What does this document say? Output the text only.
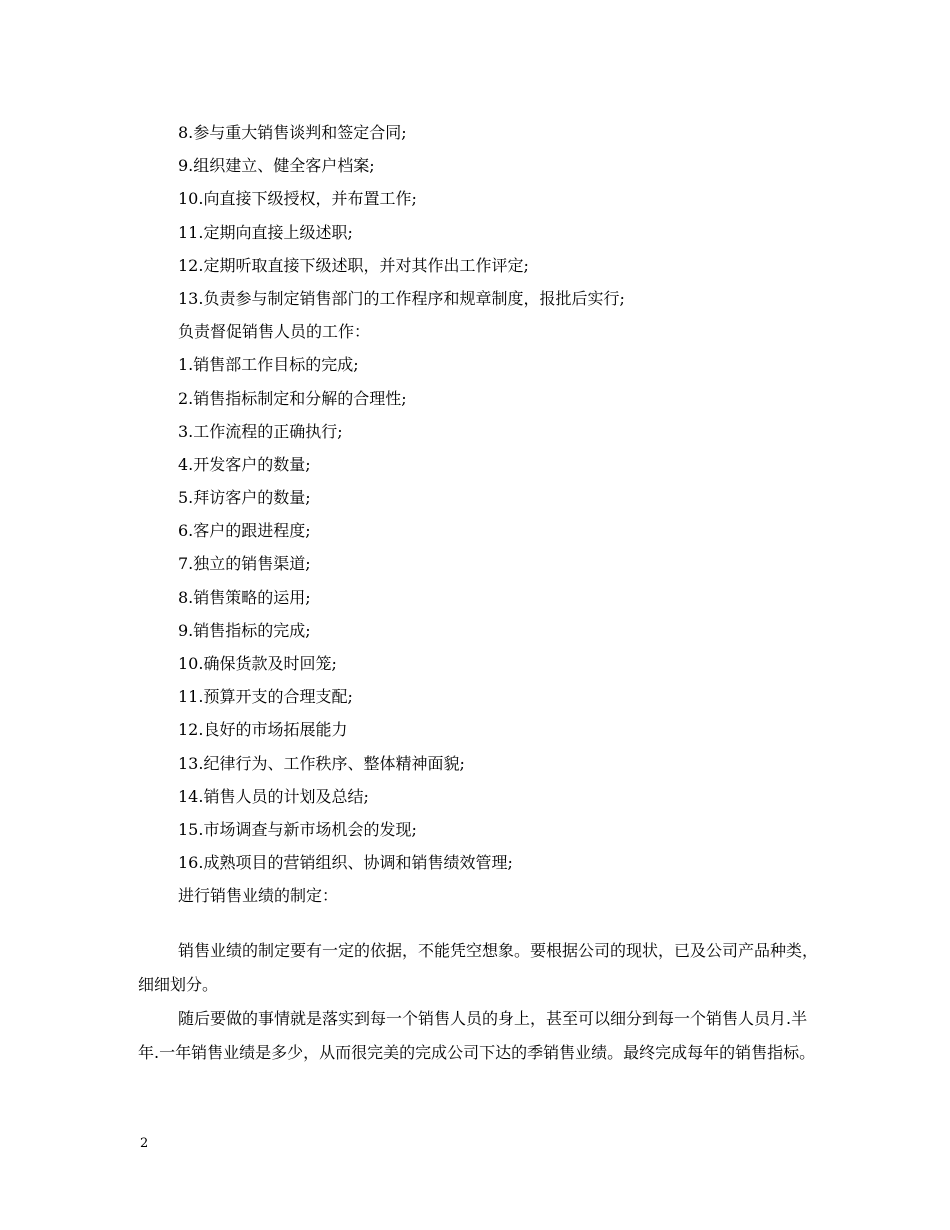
8.参与重大销售谈判和签定合同;
9.组织建立、健全客户档案;
10.向直接下级授权，并布置工作;
11.定期向直接上级述职;
12.定期听取直接下级述职，并对其作出工作评定;
13.负责参与制定销售部门的工作程序和规章制度，报批后实行;
负责督促销售人员的工作：
1.销售部工作目标的完成;
2.销售指标制定和分解的合理性;
3.工作流程的正确执行;
4.开发客户的数量;
5.拜访客户的数量;
6.客户的跟进程度;
7.独立的销售渠道;
8.销售策略的运用;
9.销售指标的完成;
10.确保货款及时回笼;
11.预算开支的合理支配;
12.良好的市场拓展能力
13.纪律行为、工作秩序、整体精神面貌;
14.销售人员的计划及总结;
15.市场调查与新市场机会的发现;
16.成熟项目的营销组织、协调和销售绩效管理;
进行销售业绩的制定：

销售业绩的制定要有一定的依据，不能凭空想象。要根据公司的现状，已及公司产品种类，细细划分。

随后要做的事情就是落实到每一个销售人员的身上，甚至可以细分到每一个销售人员月.半年.一年销售业绩是多少，从而很完美的完成公司下达的季销售业绩。最终完成每年的销售指标。

2
